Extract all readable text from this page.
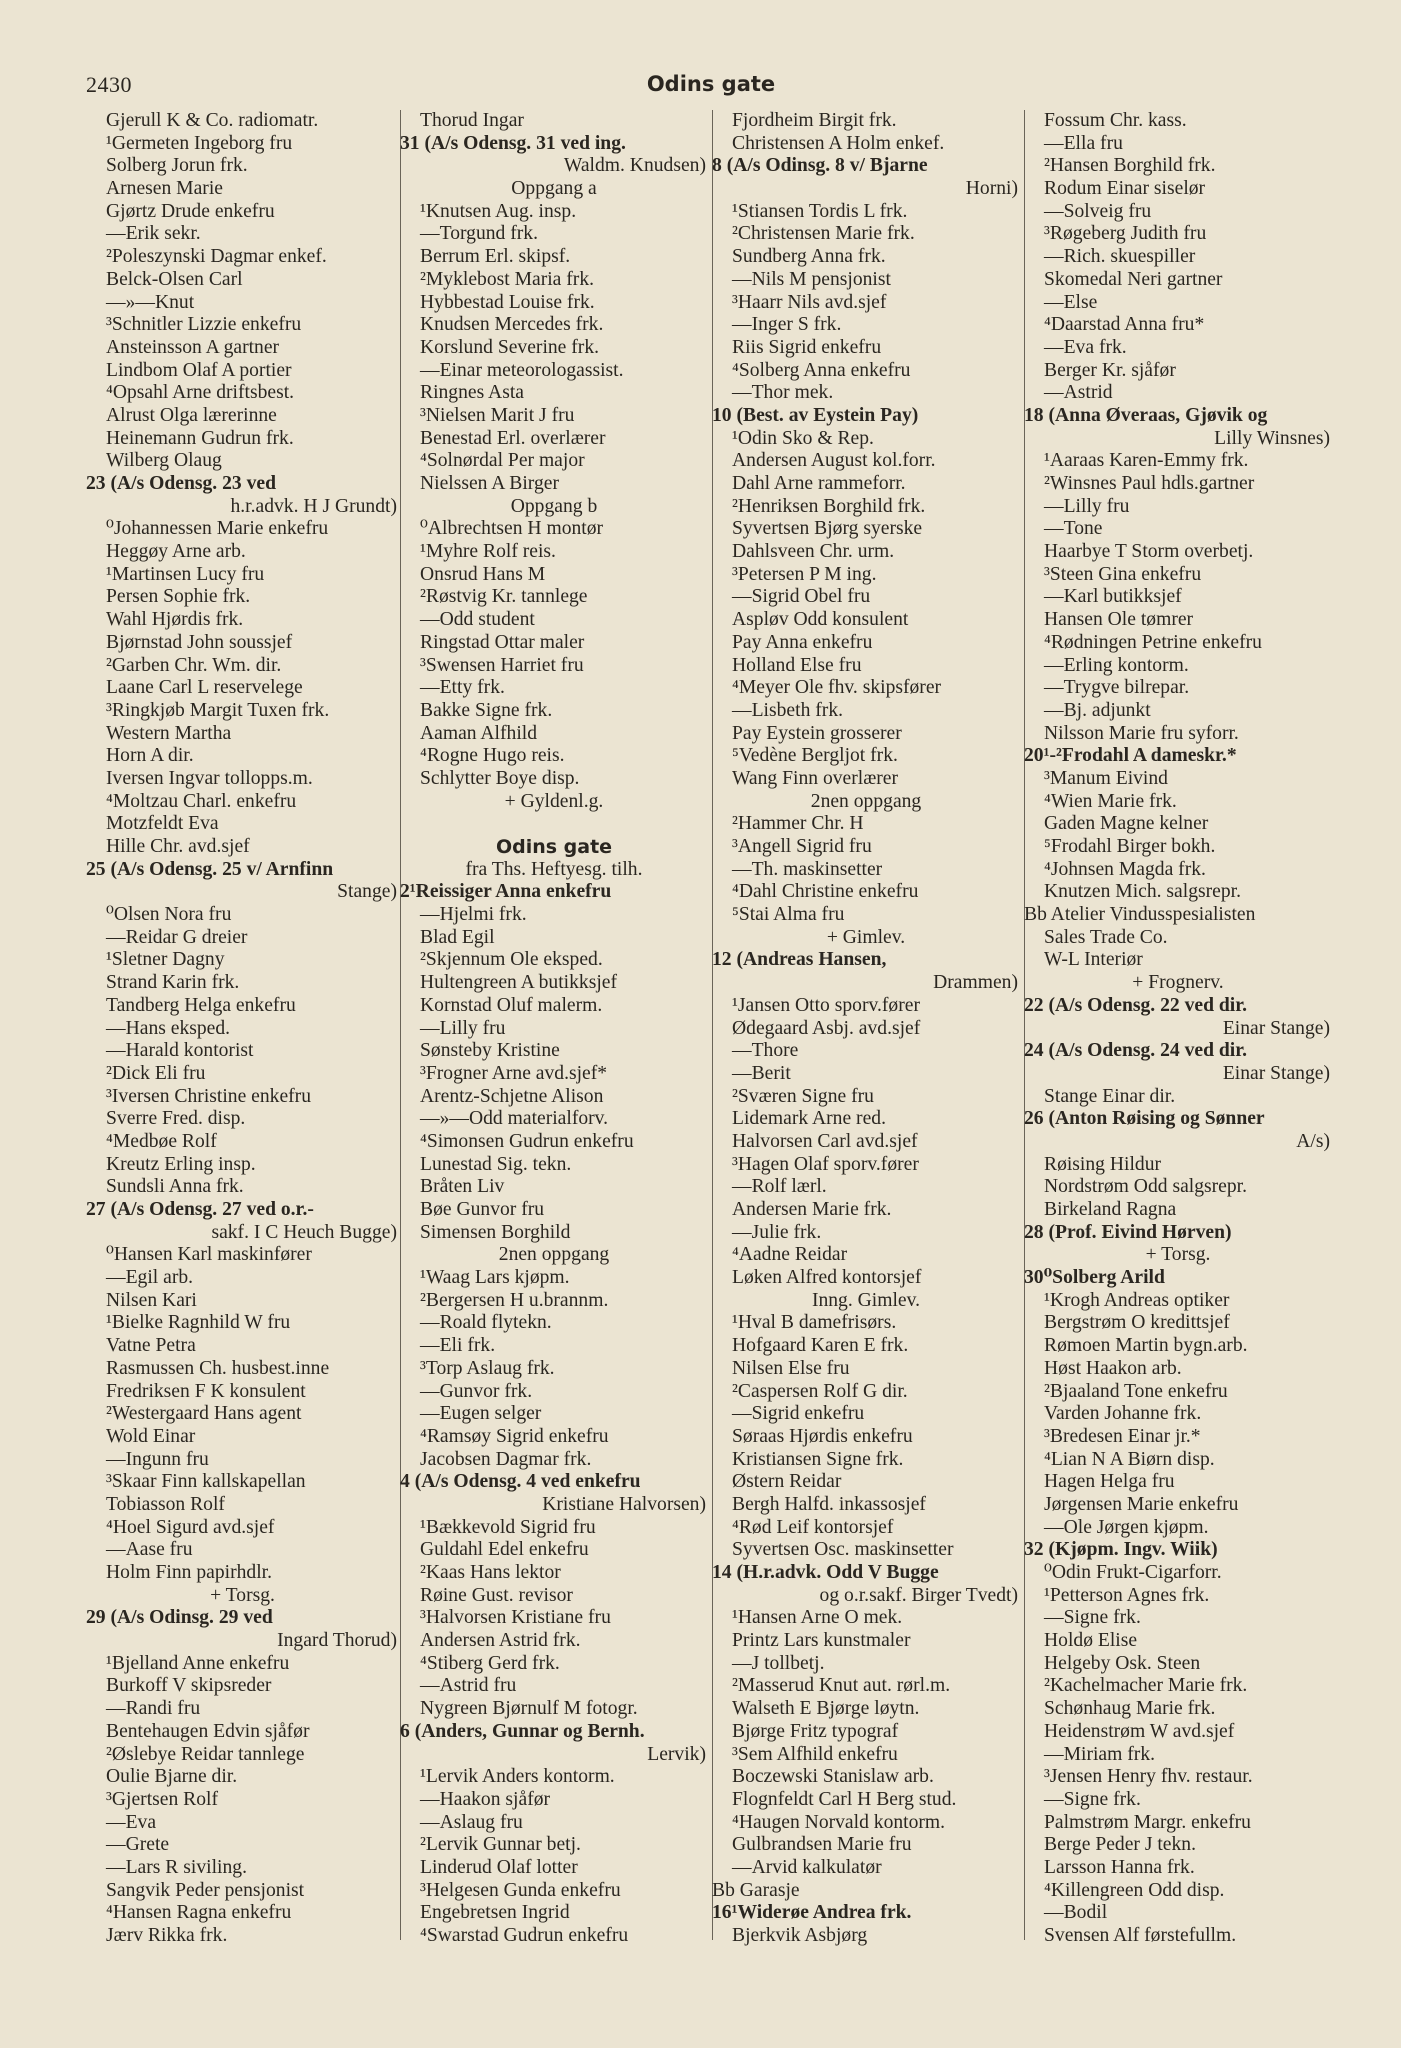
2430	Odins gate
Gjerull K & Co. radiomatr.
¹Germeten Ingeborg fru
Solberg Jorun frk.
Arnesen Marie
Gjørtz Drude enkefru
—Erik sekr.
²Poleszynski Dagmar enkef.
Belck-Olsen Carl
—»—Knut
³Schnitler Lizzie enkefru
Ansteinsson A gartner
Lindbom Olaf A portier
⁴Opsahl Arne driftsbest.
Alrust Olga lærerinne
Heinemann Gudrun frk.
Wilberg Olaug
23 (A/s Odensg. 23 ved
h.r.advk. H J Grundt)
⁰Johannessen Marie enkefru
Heggøy Arne arb.
¹Martinsen Lucy fru
Persen Sophie frk.
Wahl Hjørdis frk.
Bjørnstad John soussjef
²Garben Chr. Wm. dir.
Laane Carl L reservelege
³Ringkjøb Margit Tuxen frk.
Western Martha
Horn A dir.
Iversen Ingvar tollopps.m.
⁴Moltzau Charl. enkefru
Motzfeldt Eva
Hille Chr. avd.sjef
25 (A/s Odensg. 25 v/ Arnfinn
Stange)
⁰Olsen Nora fru
—Reidar G dreier
¹Sletner Dagny
Strand Karin frk.
Tandberg Helga enkefru
—Hans eksped.
—Harald kontorist
²Dick Eli fru
³Iversen Christine enkefru
Sverre Fred. disp.
⁴Medbøe Rolf
Kreutz Erling insp.
Sundsli Anna frk.
27 (A/s Odensg. 27 ved o.r.-
sakf. I C Heuch Bugge)
⁰Hansen Karl maskinfører
—Egil arb.
Nilsen Kari
¹Bielke Ragnhild W fru
Vatne Petra
Rasmussen Ch. husbest.inne
Fredriksen F K konsulent
²Westergaard Hans agent
Wold Einar
—Ingunn fru
³Skaar Finn kallskapellan
Tobiasson Rolf
⁴Hoel Sigurd avd.sjef
—Aase fru
Holm Finn papirhdlr.
+ Torsg.
29 (A/s Odinsg. 29 ved
Ingard Thorud)
¹Bjelland Anne enkefru
Burkoff V skipsreder
—Randi fru
Bentehaugen Edvin sjåfør
²Øslebye Reidar tannlege
Oulie Bjarne dir.
³Gjertsen Rolf
—Eva
—Grete
—Lars R siviling.
Sangvik Peder pensjonist
⁴Hansen Ragna enkefru
Jærv Rikka frk.
Thorud Ingar
31 (A/s Odensg. 31 ved ing.
Waldm. Knudsen)
Oppgang a
¹Knutsen Aug. insp.
—Torgund frk.
Berrum Erl. skipsf.
²Myklebost Maria frk.
Hybbestad Louise frk.
Knudsen Mercedes frk.
Korslund Severine frk.
—Einar meteorologassist.
Ringnes Asta
³Nielsen Marit J fru
Benestad Erl. overlærer
⁴Solnørdal Per major
Nielssen A Birger
Oppgang b
⁰Albrechtsen H montør
¹Myhre Rolf reis.
Onsrud Hans M
²Røstvig Kr. tannlege
—Odd student
Ringstad Ottar maler
³Swensen Harriet fru
—Etty frk.
Bakke Signe frk.
Aaman Alfhild
⁴Rogne Hugo reis.
Schlytter Boye disp.
+ Gyldenl.g.

Odins gate
fra Ths. Heftyesg. tilh.
2¹Reissiger Anna enkefru
—Hjelmi frk.
Blad Egil
²Skjennum Ole eksped.
Hultengreen A butikksjef
Kornstad Oluf malerm.
—Lilly fru
Sønsteby Kristine
³Frogner Arne avd.sjef*
Arentz-Schjetne Alison
—»—Odd materialforv.
⁴Simonsen Gudrun enkefru
Lunestad Sig. tekn.
Bråten Liv
Bøe Gunvor fru
Simensen Borghild
2nen oppgang
¹Waag Lars kjøpm.
²Bergersen H u.brannm.
—Roald flytekn.
—Eli frk.
³Torp Aslaug frk.
—Gunvor frk.
—Eugen selger
⁴Ramsøy Sigrid enkefru
Jacobsen Dagmar frk.
4 (A/s Odensg. 4 ved enkefru
Kristiane Halvorsen)
¹Bækkevold Sigrid fru
Guldahl Edel enkefru
²Kaas Hans lektor
Røine Gust. revisor
³Halvorsen Kristiane fru
Andersen Astrid frk.
⁴Stiberg Gerd frk.
—Astrid fru
Nygreen Bjørnulf M fotogr.
6 (Anders, Gunnar og Bernh.
Lervik)
¹Lervik Anders kontorm.
—Haakon sjåfør
—Aslaug fru
²Lervik Gunnar betj.
Linderud Olaf lotter
³Helgesen Gunda enkefru
Engebretsen Ingrid
⁴Swarstad Gudrun enkefru
Fjordheim Birgit frk.
Christensen A Holm enkef.
8 (A/s Odinsg. 8 v/ Bjarne
Horni)
¹Stiansen Tordis L frk.
²Christensen Marie frk.
Sundberg Anna frk.
—Nils M pensjonist
³Haarr Nils avd.sjef
—Inger S frk.
Riis Sigrid enkefru
⁴Solberg Anna enkefru
—Thor mek.
10 (Best. av Eystein Pay)
¹Odin Sko & Rep.
Andersen August kol.forr.
Dahl Arne rammeforr.
²Henriksen Borghild frk.
Syvertsen Bjørg syerske
Dahlsveen Chr. urm.
³Petersen P M ing.
—Sigrid Obel fru
Aspløv Odd konsulent
Pay Anna enkefru
Holland Else fru
⁴Meyer Ole fhv. skipsfører
—Lisbeth frk.
Pay Eystein grosserer
⁵Vedène Bergljot frk.
Wang Finn overlærer
2nen oppgang
²Hammer Chr. H
³Angell Sigrid fru
—Th. maskinsetter
⁴Dahl Christine enkefru
⁵Stai Alma fru
+ Gimlev.
12 (Andreas Hansen,
Drammen)
¹Jansen Otto sporv.fører
Ødegaard Asbj. avd.sjef
—Thore
—Berit
²Sværen Signe fru
Lidemark Arne red.
Halvorsen Carl avd.sjef
³Hagen Olaf sporv.fører
—Rolf lærl.
Andersen Marie frk.
—Julie frk.
⁴Aadne Reidar
Løken Alfred kontorsjef
Inng. Gimlev.
¹Hval B damefrisørs.
Hofgaard Karen E frk.
Nilsen Else fru
²Caspersen Rolf G dir.
—Sigrid enkefru
Søraas Hjørdis enkefru
Kristiansen Signe frk.
Østern Reidar
Bergh Halfd. inkassosjef
⁴Rød Leif kontorsjef
Syvertsen Osc. maskinsetter
14 (H.r.advk. Odd V Bugge
og o.r.sakf. Birger Tvedt)
¹Hansen Arne O mek.
Printz Lars kunstmaler
—J tollbetj.
²Masserud Knut aut. rørl.m.
Walseth E Bjørge løytn.
Bjørge Fritz typograf
³Sem Alfhild enkefru
Boczewski Stanislaw arb.
Flognfeldt Carl H Berg stud.
⁴Haugen Norvald kontorm.
Gulbrandsen Marie fru
—Arvid kalkulatør
Bb Garasje
16¹Widerøe Andrea frk.
Bjerkvik Asbjørg
Fossum Chr. kass.
—Ella fru
²Hansen Borghild frk.
Rodum Einar siselør
—Solveig fru
³Røgeberg Judith fru
—Rich. skuespiller
Skomedal Neri gartner
—Else
⁴Daarstad Anna fru*
—Eva frk.
Berger Kr. sjåfør
—Astrid
18 (Anna Øveraas, Gjøvik og
Lilly Winsnes)
¹Aaraas Karen-Emmy frk.
²Winsnes Paul hdls.gartner
—Lilly fru
—Tone
Haarbye T Storm overbetj.
³Steen Gina enkefru
—Karl butikksjef
Hansen Ole tømrer
⁴Rødningen Petrine enkefru
—Erling kontorm.
—Trygve bilrepar.
—Bj. adjunkt
Nilsson Marie fru syforr.
20¹-²Frodahl A dameskr.*
³Manum Eivind
⁴Wien Marie frk.
Gaden Magne kelner
⁵Frodahl Birger bokh.
⁴Johnsen Magda frk.
Knutzen Mich. salgsrepr.
Bb Atelier Vindusspesialisten
Sales Trade Co.
W-L Interiør
+ Frognerv.
22 (A/s Odensg. 22 ved dir.
Einar Stange)
24 (A/s Odensg. 24 ved dir.
Einar Stange)
Stange Einar dir.
26 (Anton Røising og Sønner
A/s)
Røising Hildur
Nordstrøm Odd salgsrepr.
Birkeland Ragna
28 (Prof. Eivind Hørven)
+ Torsg.
30⁰Solberg Arild
¹Krogh Andreas optiker
Bergstrøm O kredittsjef
Rømoen Martin bygn.arb.
Høst Haakon arb.
²Bjaaland Tone enkefru
Varden Johanne frk.
³Bredesen Einar jr.*
⁴Lian N A Biørn disp.
Hagen Helga fru
Jørgensen Marie enkefru
—Ole Jørgen kjøpm.
32 (Kjøpm. Ingv. Wiik)
⁰Odin Frukt-Cigarforr.
¹Petterson Agnes frk.
—Signe frk.
Holdø Elise
Helgeby Osk. Steen
²Kachelmacher Marie frk.
Schønhaug Marie frk.
Heidenstrøm W avd.sjef
—Miriam frk.
³Jensen Henry fhv. restaur.
—Signe frk.
Palmstrøm Margr. enkefru
Berge Peder J tekn.
Larsson Hanna frk.
⁴Killengreen Odd disp.
—Bodil
Svensen Alf førstefullm.
